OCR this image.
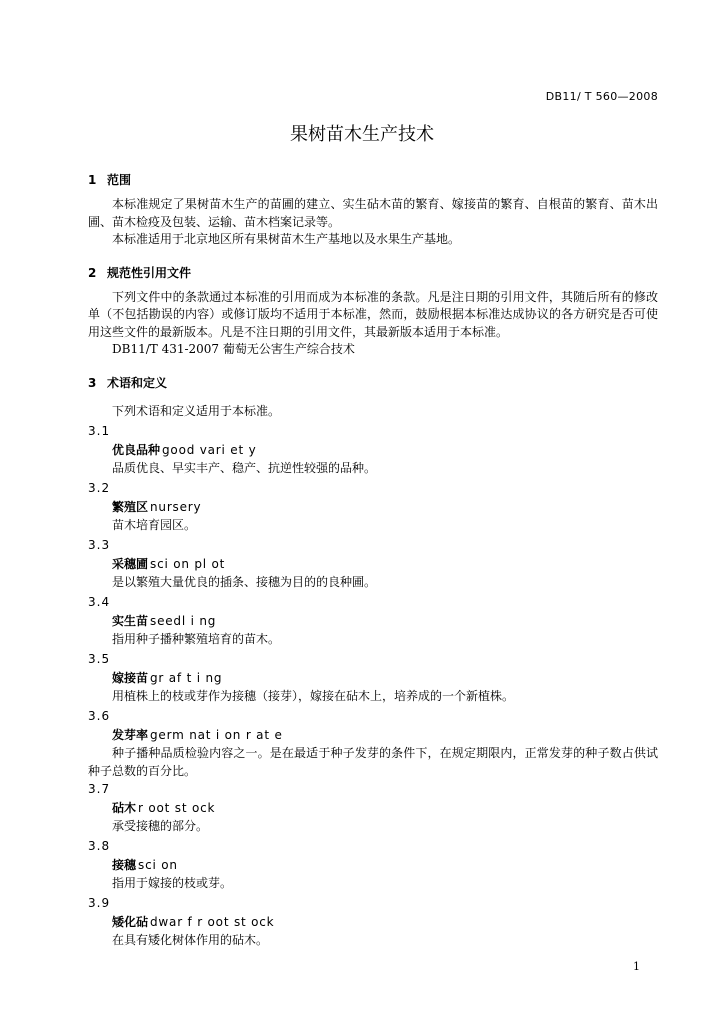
DB11/ T 560—2008
果树苗木生产技术
1 范围

本标准规定了果树苗木生产的苗圃的建立、实生砧木苗的繁育、嫁接苗的繁育、自根苗的繁育、苗木出圃、苗木检疫及包装、运输、苗木档案记录等。

本标准适用于北京地区所有果树苗木生产基地以及水果生产基地。

2 规范性引用文件

下列文件中的条款通过本标准的引用而成为本标准的条款。凡是注日期的引用文件，其随后所有的修改单（不包括勘误的内容）或修订版均不适用于本标准，然而，鼓励根据本标准达成协议的各方研究是否可使用这些文件的最新版本。凡是不注日期的引用文件，其最新版本适用于本标准。

DB11/T 431-2007 葡萄无公害生产综合技术

3 术语和定义

下列术语和定义适用于本标准。

3.1
优良品种 good vari et y
品质优良、早实丰产、稳产、抗逆性较强的品种。
3.2
繁殖区 nursery
苗木培育园区。
3.3
采穗圃 sci on pl ot
是以繁殖大量优良的插条、接穗为目的的良种圃。
3.4
实生苗 seedl i ng
指用种子播种繁殖培育的苗木。
3.5
嫁接苗 gr af t i ng
用植株上的枝或芽作为接穗（接芽），嫁接在砧木上，培养成的一个新植株。
3.6
发芽率 germ nat i on r at e
种子播种品质检验内容之一。是在最适于种子发芽的条件下，在规定期限内，正常发芽的种子数占供试种子总数的百分比。
3.7
砧木 r oot st ock
承受接穗的部分。
3.8
接穗 sci on
指用于嫁接的枝或芽。
3.9
矮化砧 dwar f r oot st ock
在具有矮化树体作用的砧木。
1
